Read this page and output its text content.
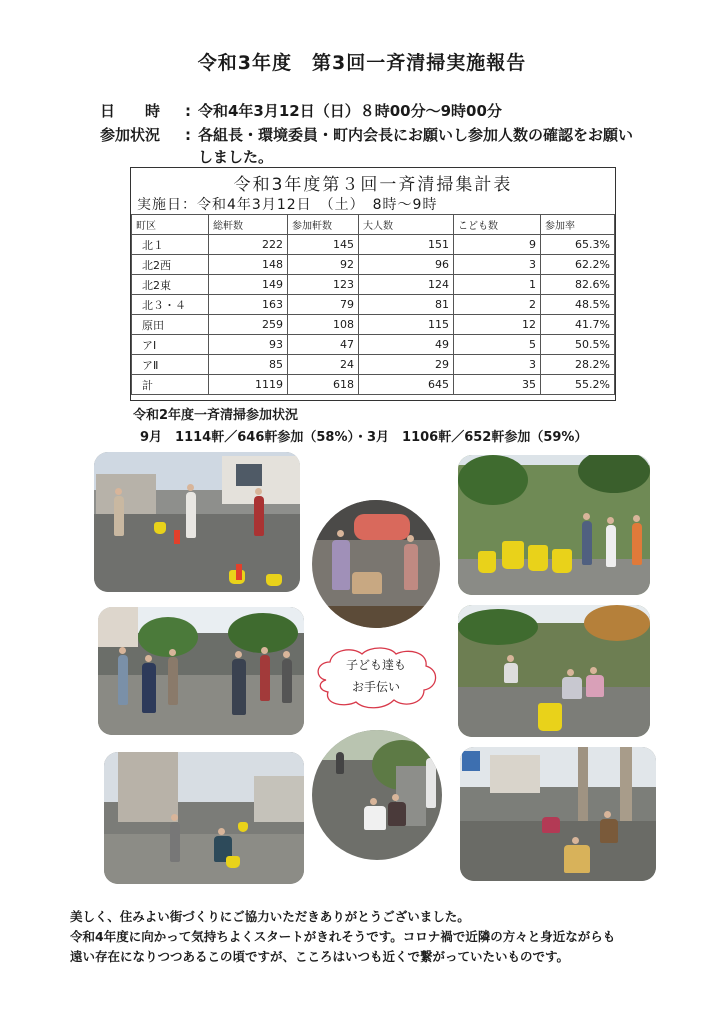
令和3年度　第3回一斉清掃実施報告
日　　時 : 令和4年3月12日（日）８時00分～9時00分
参加状況 : 各組長・環境委員・町内会長にお願いし参加人数の確認をお願い
しました。
令和3年度第３回一斉清掃集計表
実施日：令和4年3月12日　（土）　8時～9時
町区	総軒数	参加軒数	大人数	こども数	参加率
北１	222	145	151	9	65.3%
北2西	148	92	96	3	62.2%
北2東	149	123	124	1	82.6%
北３・４	163	79	81	2	48.5%
原田	259	108	115	12	41.7%
アⅠ	93	47	49	5	50.5%
アⅡ	85	24	29	3	28.2%
計	1119	618	645	35	55.2%
令和2年度一斉清掃参加状況
9月　1114軒／646軒参加（58%）・3月　1106軒／652軒参加（59%）
子ども達も
お手伝い
美しく、住みよい街づくりにご協力いただきありがとうございました。
令和4年度に向かって気持ちよくスタートがきれそうです。コロナ禍で近隣の方々と身近ながらも
遠い存在になりつつあるこの頃ですが、こころはいつも近くで繋がっていたいものです。
